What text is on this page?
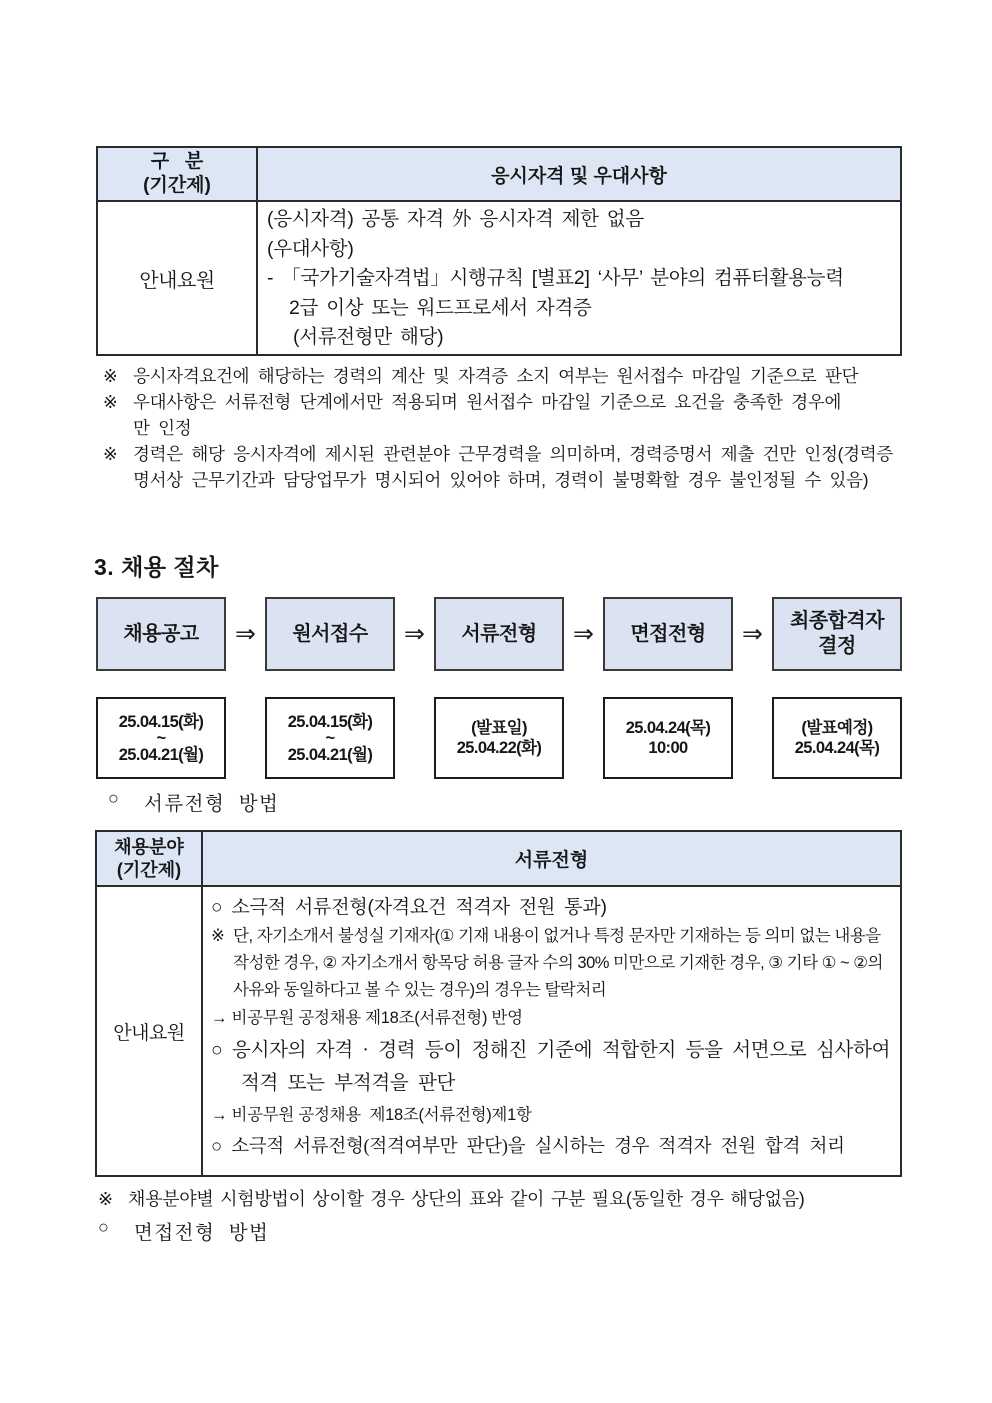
구   분
(기간제)	응시자격 및 우대사항
안내요원
(응시자격) 공통 자격 外 응시자격 제한 없음
(우대사항)
- 「국가기술자격법」시행규칙 [별표2] ‘사무’ 분야의 컴퓨터활용능력
2급 이상 또는 워드프로세서 자격증
(서류전형만 해당)
※ 응시자격요건에 해당하는 경력의 계산 및 자격증 소지 여부는 원서접수 마감일 기준으로 판단
※ 우대사항은 서류전형 단계에서만 적용되며 원서접수 마감일 기준으로 요건을 충족한 경우에만 인정
※ 경력은 해당 응시자격에 제시된 관련분야 근무경력을 의미하며, 경력증명서 제출 건만 인정(경력증명서상 근무기간과 담당업무가 명시되어 있어야 하며, 경력이 불명확할 경우 불인정될 수 있음)
3. 채용 절차
채용공고	⇒	원서접수	⇒	서류전형	⇒	면접전형	⇒	최종합격자 결정
25.04.15(화)
~
25.04.21(월)
25.04.15(화)
~
25.04.21(월)
(발표일)
25.04.22(화)
25.04.24(목)
10:00
(발표예정)
25.04.24(목)
○	서류전형 방법
채용분야
(기간제)	서류전형
안내요원
○ 소극적 서류전형(자격요건 적격자 전원 통과)
※ 단, 자기소개서 불성실 기재자(① 기재 내용이 없거나 특정 문자만 기재하는 등 의미 없는 내용을 작성한 경우, ② 자기소개서 항목당 허용 글자 수의 30% 미만으로 기재한 경우, ③ 기타 ① ~ ②의 사유와 동일하다고 볼 수 있는 경우)의 경우는 탈락처리
→ 비공무원 공정채용 제18조(서류전형) 반영
○ 응시자의 자격 · 경력 등이 정해진 기준에 적합한지 등을 서면으로 심사하여 적격 또는 부적격을 판단
→ 비공무원 공정채용  제18조(서류전형)제1항
○ 소극적 서류전형(적격여부만 판단)을 실시하는 경우 적격자 전원 합격 처리
※ 채용분야별 시험방법이 상이할 경우 상단의 표와 같이 구분 필요(동일한 경우 해당없음)
○	면접전형 방법
